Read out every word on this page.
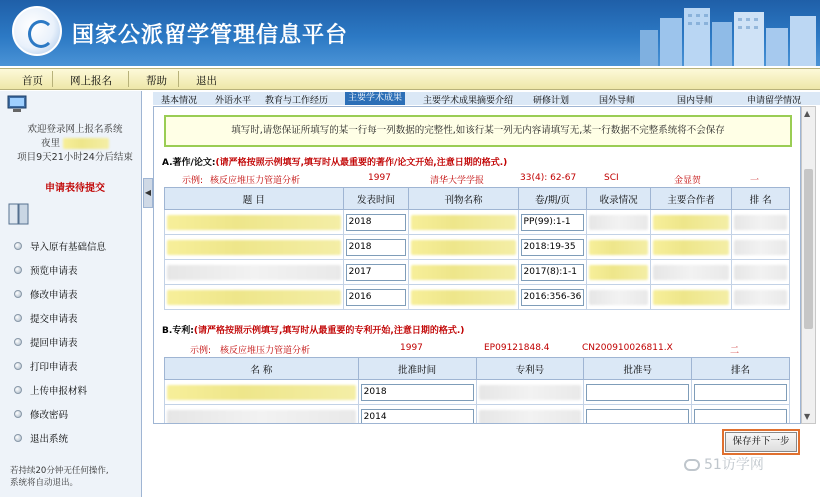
国家公派留学管理信息平台
首页	网上报名	帮助	退出
欢迎登录网上报名系统
夜里
项目9天21小时24分后结束
申请表待提交
导入原有基础信息
预览申请表
修改申请表
提交申请表
提回申请表
打印申请表
上传申报材料
修改密码
退出系统
若持续20分钟无任何操作,
系统将自动退出。
◀
基本情况 外语水平 教育与工作经历	主要学术成果	主要学术成果摘要介绍 研修计划	国外导师	国内导师	申请留学情况
填写时,请您保证所填写的某一行每一列数据的完整性,如该行某一列无内容请填写无,某一行数据不完整系统将不会保存
A.著作/论文:(请严格按照示例填写,填写时从最重要的著作/论文开始,注意日期的格式.)
示例: 核反应堆压力管道分析	1997	清华大学学报	33(4): 62-67	SCI	金显贺	一
题 目	发表时间	刊物名称	卷/期/页	收录情况	主要合作者	排 名

	2018		PP(99):1-1			

	2018		2018:19-35			

	2017		2017(8):1-1			

	2016		2016:356-36			

B.专利:(请严格按照示例填写,填写时从最重要的专利开始,注意日期的格式.)
示例: 核反应堆压力管道分析	1997	EP09121848.4	CN200910026811.X	二
名 称	批准时间	专利号	批准号	排名

	2018			

	2014			

▲
▼
保存并下一步
51访学网
